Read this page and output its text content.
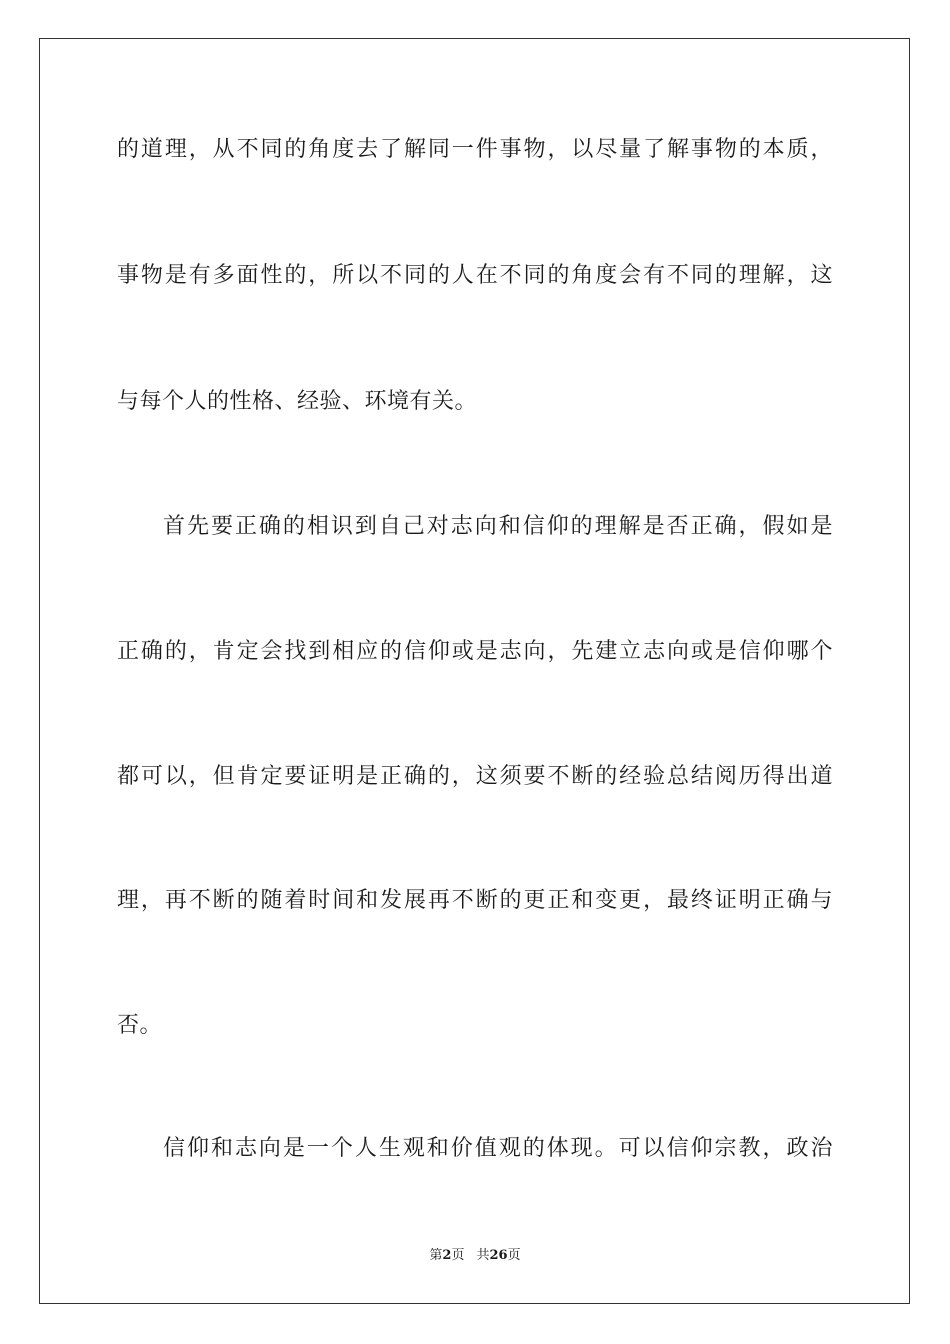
的道理，从不同的角度去了解同一件事物，以尽量了解事物的本质，
事物是有多面性的，所以不同的人在不同的角度会有不同的理解，这
与每个人的性格、经验、环境有关。
首先要正确的相识到自己对志向和信仰的理解是否正确，假如是
正确的，肯定会找到相应的信仰或是志向，先建立志向或是信仰哪个
都可以，但肯定要证明是正确的，这须要不断的经验总结阅历得出道
理，再不断的随着时间和发展再不断的更正和变更，最终证明正确与
否。
信仰和志向是一个人生观和价值观的体现。可以信仰宗教，政治
第2页 共26页
